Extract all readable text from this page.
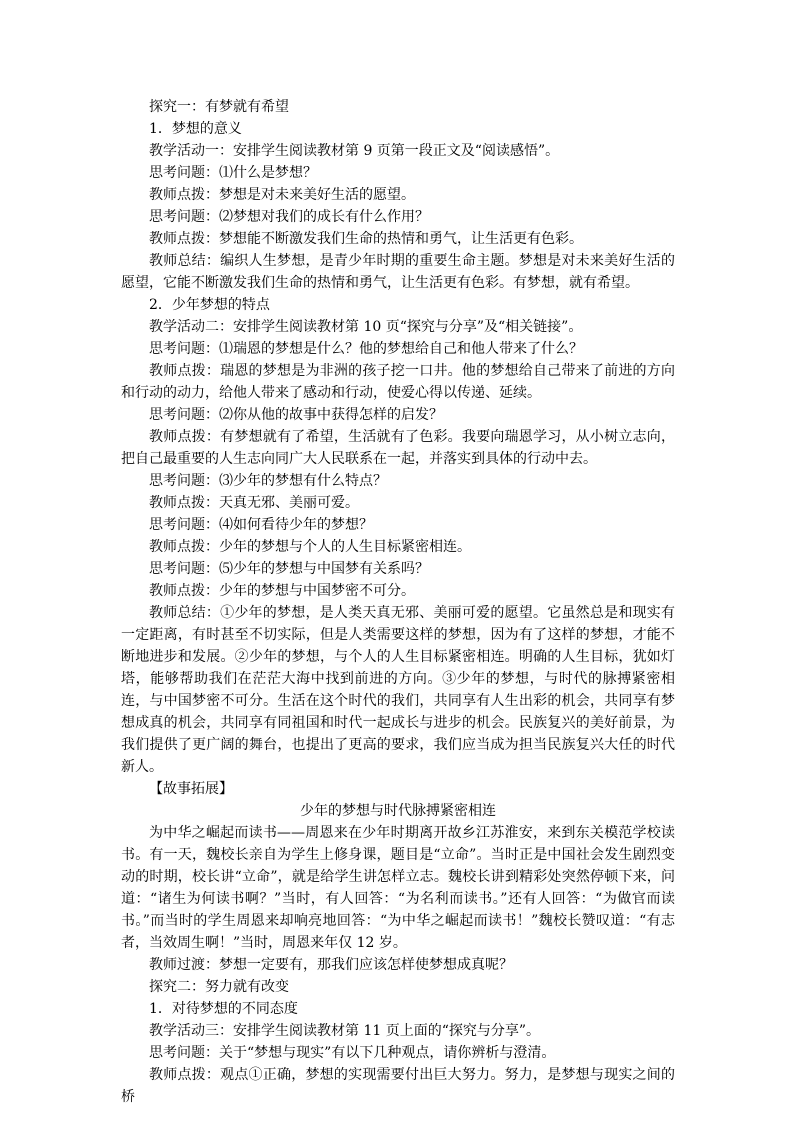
探究一：有梦就有希望

1．梦想的意义

教学活动一：安排学生阅读教材第 9 页第一段正文及“阅读感悟”。

思考问题：⑴什么是梦想？

教师点拨：梦想是对未来美好生活的愿望。

思考问题：⑵梦想对我们的成长有什么作用？

教师点拨：梦想能不断激发我们生命的热情和勇气，让生活更有色彩。

教师总结：编织人生梦想，是青少年时期的重要生命主题。梦想是对未来美好生活的愿望，它能不断激发我们生命的热情和勇气，让生活更有色彩。有梦想，就有希望。

2．少年梦想的特点

教学活动二：安排学生阅读教材第 10 页“探究与分享”及“相关链接”。

思考问题：⑴瑞恩的梦想是什么？他的梦想给自己和他人带来了什么？

教师点拨：瑞恩的梦想是为非洲的孩子挖一口井。他的梦想给自己带来了前进的方向和行动的动力，给他人带来了感动和行动，使爱心得以传递、延续。

思考问题：⑵你从他的故事中获得怎样的启发？

教师点拨：有梦想就有了希望，生活就有了色彩。我要向瑞恩学习，从小树立志向，把自己最重要的人生志向同广大人民联系在一起，并落实到具体的行动中去。

思考问题：⑶少年的梦想有什么特点？

教师点拨：天真无邪、美丽可爱。

思考问题：⑷如何看待少年的梦想？

教师点拨：少年的梦想与个人的人生目标紧密相连。

思考问题：⑸少年的梦想与中国梦有关系吗？

教师点拨：少年的梦想与中国梦密不可分。

教师总结：①少年的梦想，是人类天真无邪、美丽可爱的愿望。它虽然总是和现实有一定距离，有时甚至不切实际，但是人类需要这样的梦想，因为有了这样的梦想，才能不断地进步和发展。②少年的梦想，与个人的人生目标紧密相连。明确的人生目标，犹如灯塔，能够帮助我们在茫茫大海中找到前进的方向。③少年的梦想，与时代的脉搏紧密相连，与中国梦密不可分。生活在这个时代的我们，共同享有人生出彩的机会，共同享有梦想成真的机会，共同享有同祖国和时代一起成长与进步的机会。民族复兴的美好前景，为我们提供了更广阔的舞台，也提出了更高的要求，我们应当成为担当民族复兴大任的时代新人。

【故事拓展】

少年的梦想与时代脉搏紧密相连

为中华之崛起而读书——周恩来在少年时期离开故乡江苏淮安，来到东关模范学校读书。有一天，魏校长亲自为学生上修身课，题目是“立命”。当时正是中国社会发生剧烈变动的时期，校长讲“立命”，就是给学生讲怎样立志。魏校长讲到精彩处突然停顿下来，问道：“诸生为何读书啊？”当时，有人回答：“为名利而读书。”还有人回答：“为做官而读书。”而当时的学生周恩来却响亮地回答：“为中华之崛起而读书！”魏校长赞叹道：“有志者，当效周生啊！”当时，周恩来年仅 12 岁。

教师过渡：梦想一定要有，那我们应该怎样使梦想成真呢？

探究二：努力就有改变

1．对待梦想的不同态度

教学活动三：安排学生阅读教材第 11 页上面的“探究与分享”。

思考问题：关于“梦想与现实”有以下几种观点，请你辨析与澄清。

教师点拨：观点①正确，梦想的实现需要付出巨大努力。努力，是梦想与现实之间的桥
